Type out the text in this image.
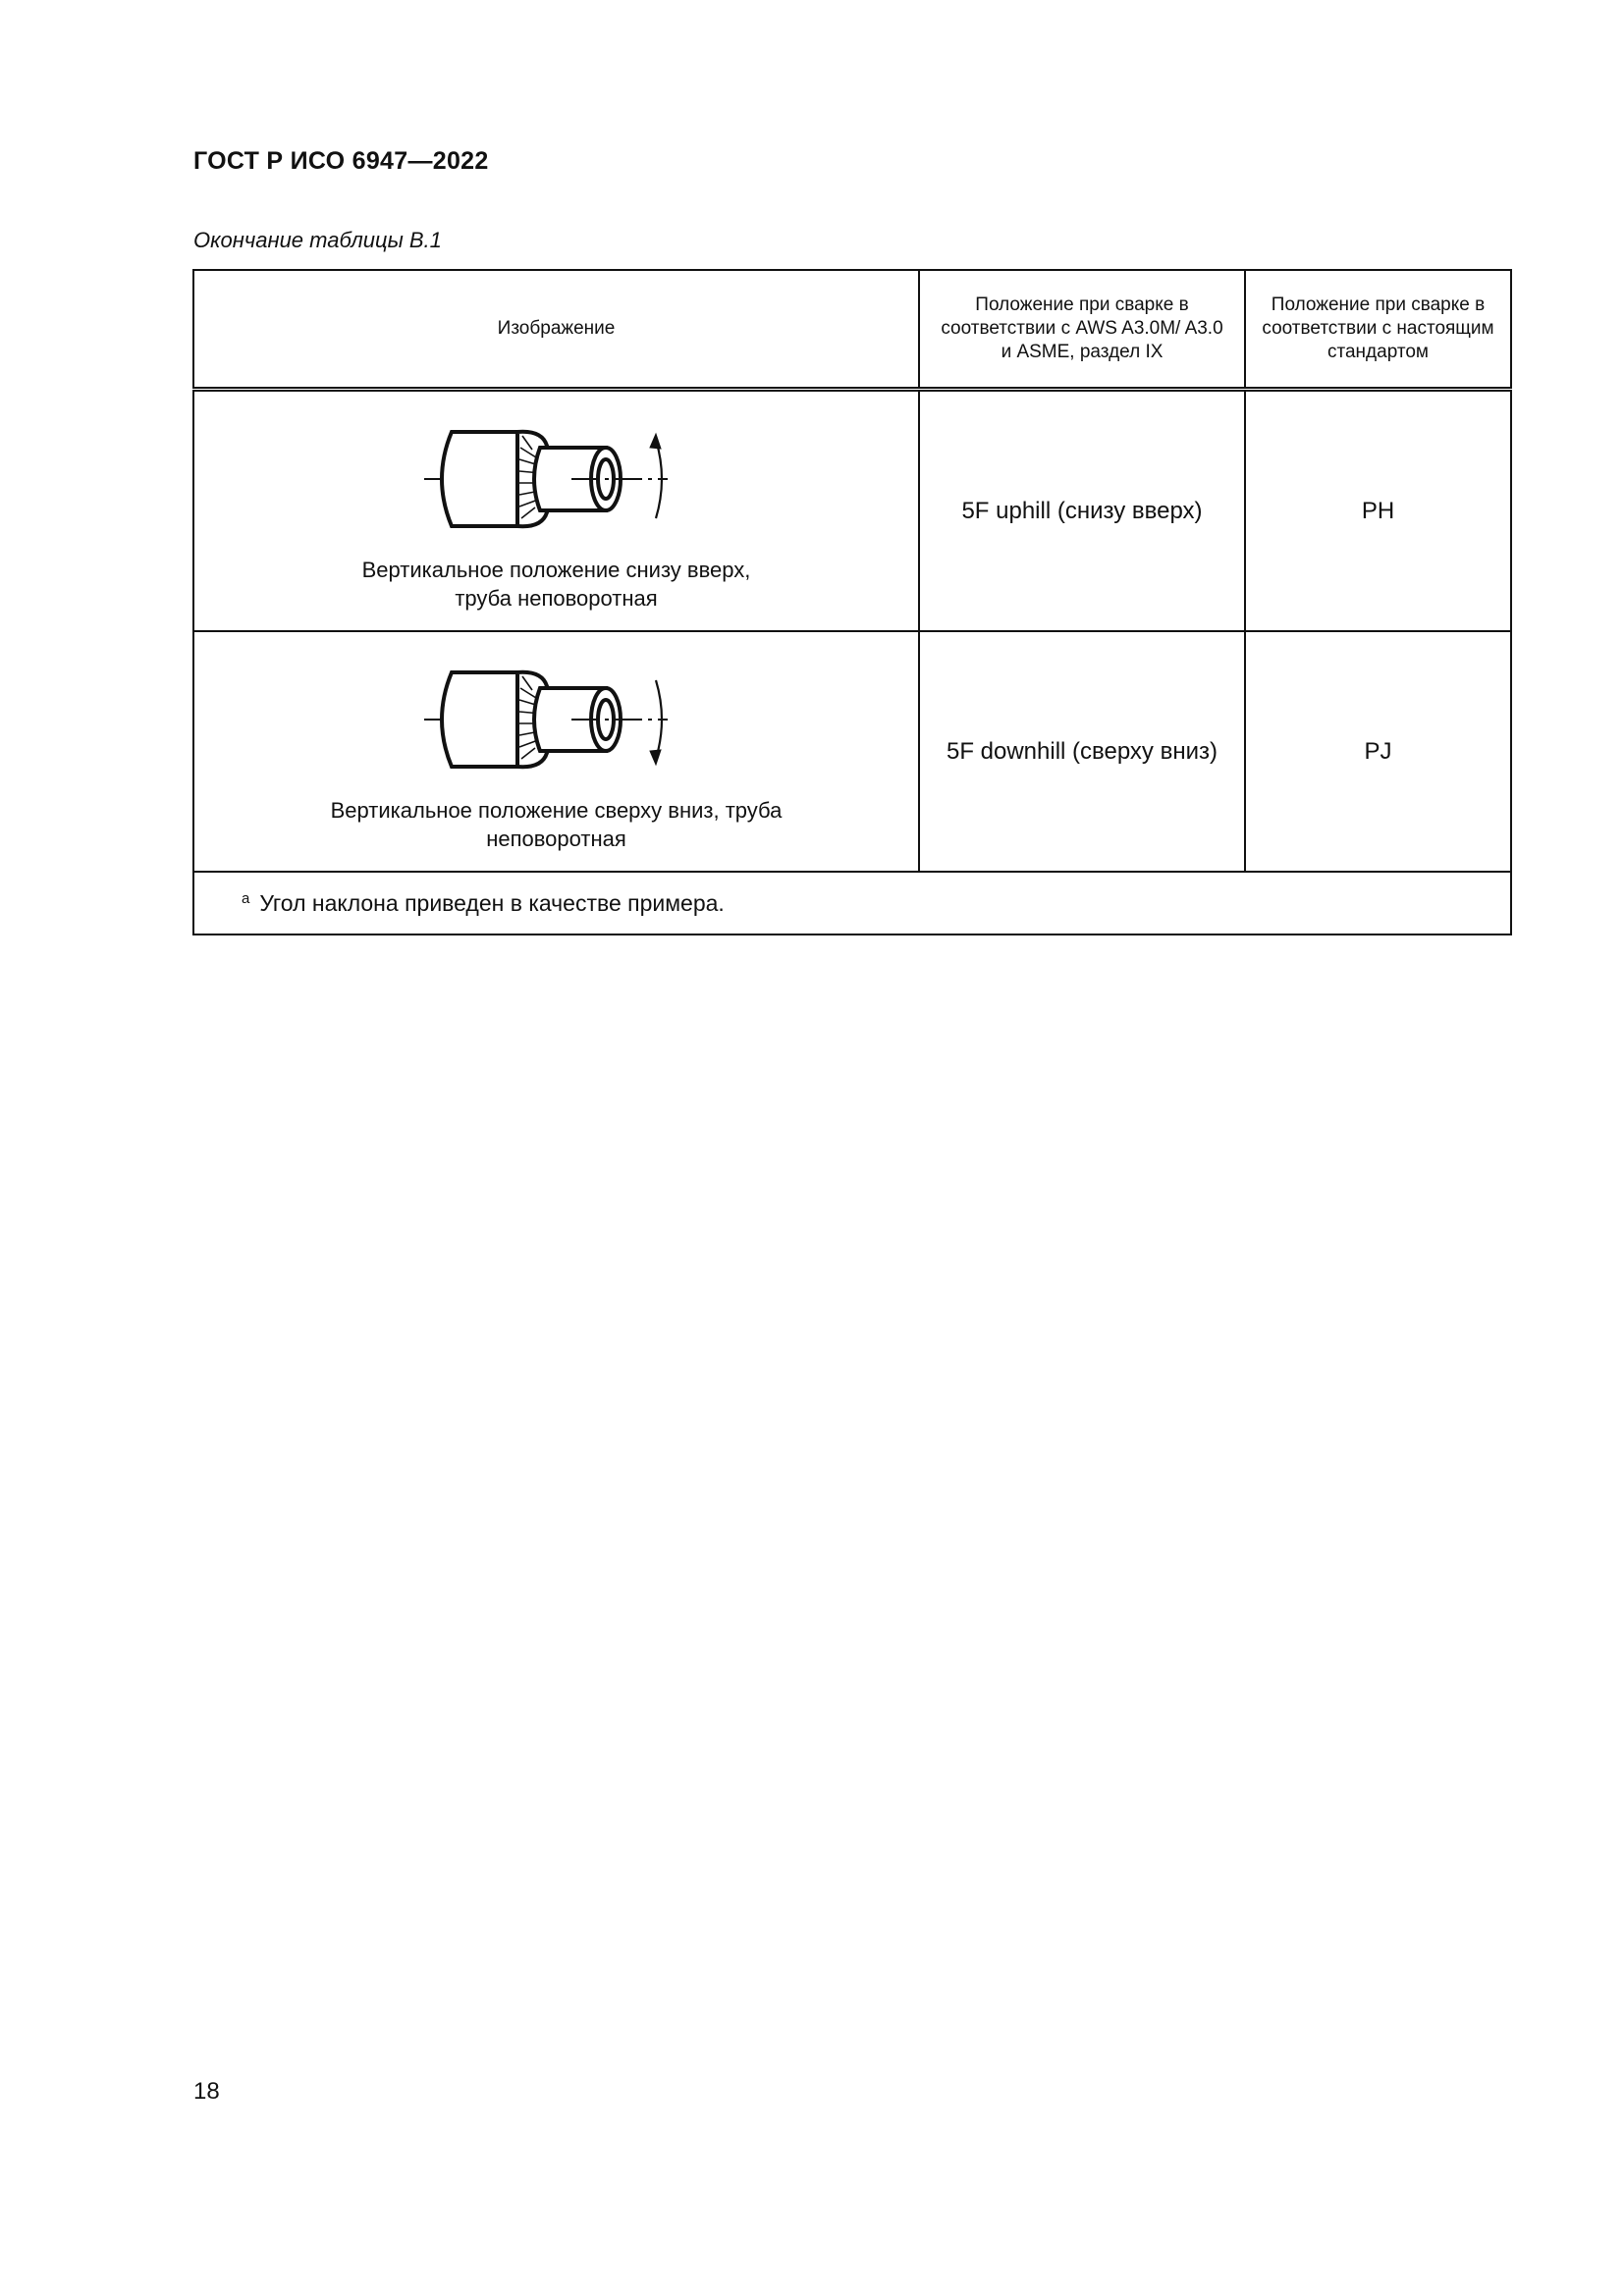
ГОСТ Р ИСО 6947—2022
Окончание таблицы В.1
Изображение	Положение при сварке в соответствии с AWS A3.0M/ A3.0 и ASME, раздел IX	Положение при сварке в соответствии с настоящим стандартом

Вертикальное положение снизу вверх, труба неповоротная	5F uphill (снизу вверх)	PH

Вертикальное положение сверху вниз, труба неповоротная	5F downhill (сверху вниз)	PJ
$^a$ Угол наклона приведен в качестве примера.		
18
